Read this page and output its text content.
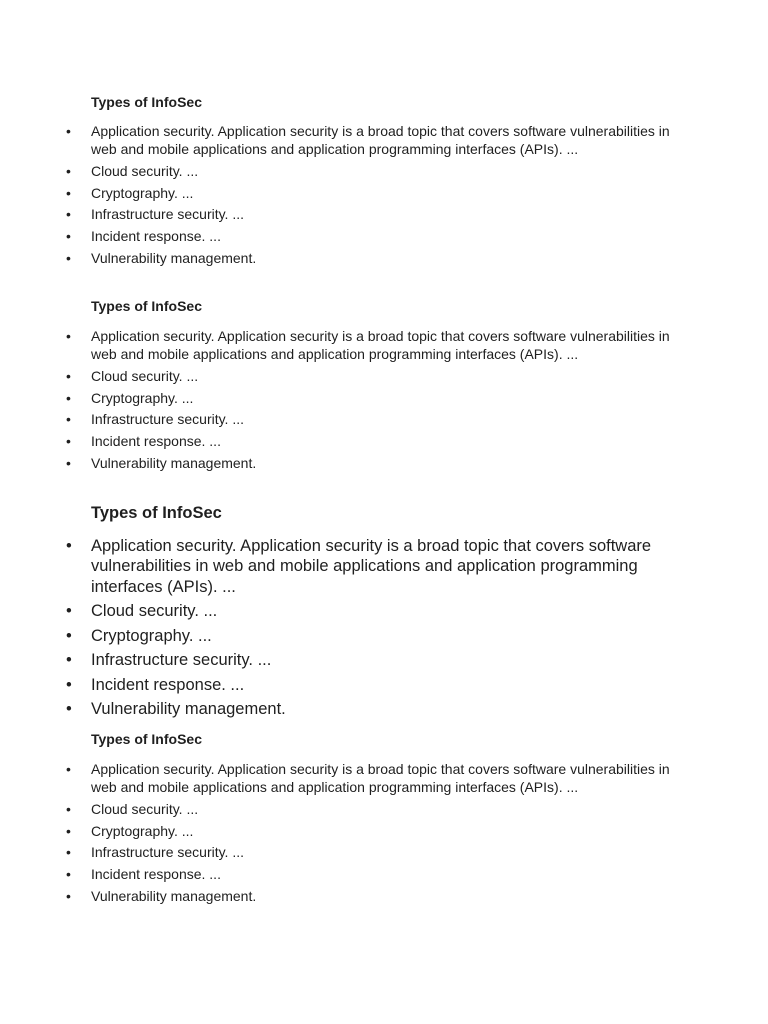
Types of InfoSec
• Application security. Application security is a broad topic that covers software vulnerabilities in web and mobile applications and application programming interfaces (APIs). ...
• Cloud security. ...
• Cryptography. ...
• Infrastructure security. ...
• Incident response. ...
• Vulnerability management.
Types of InfoSec
• Application security. Application security is a broad topic that covers software vulnerabilities in web and mobile applications and application programming interfaces (APIs). ...
• Cloud security. ...
• Cryptography. ...
• Infrastructure security. ...
• Incident response. ...
• Vulnerability management.
Types of InfoSec
• Application security. Application security is a broad topic that covers software vulnerabilities in web and mobile applications and application programming interfaces (APIs). ...
• Cloud security. ...
• Cryptography. ...
• Infrastructure security. ...
• Incident response. ...
• Vulnerability management.
Types of InfoSec
• Application security. Application security is a broad topic that covers software vulnerabilities in web and mobile applications and application programming interfaces (APIs). ...
• Cloud security. ...
• Cryptography. ...
• Infrastructure security. ...
• Incident response. ...
• Vulnerability management.
